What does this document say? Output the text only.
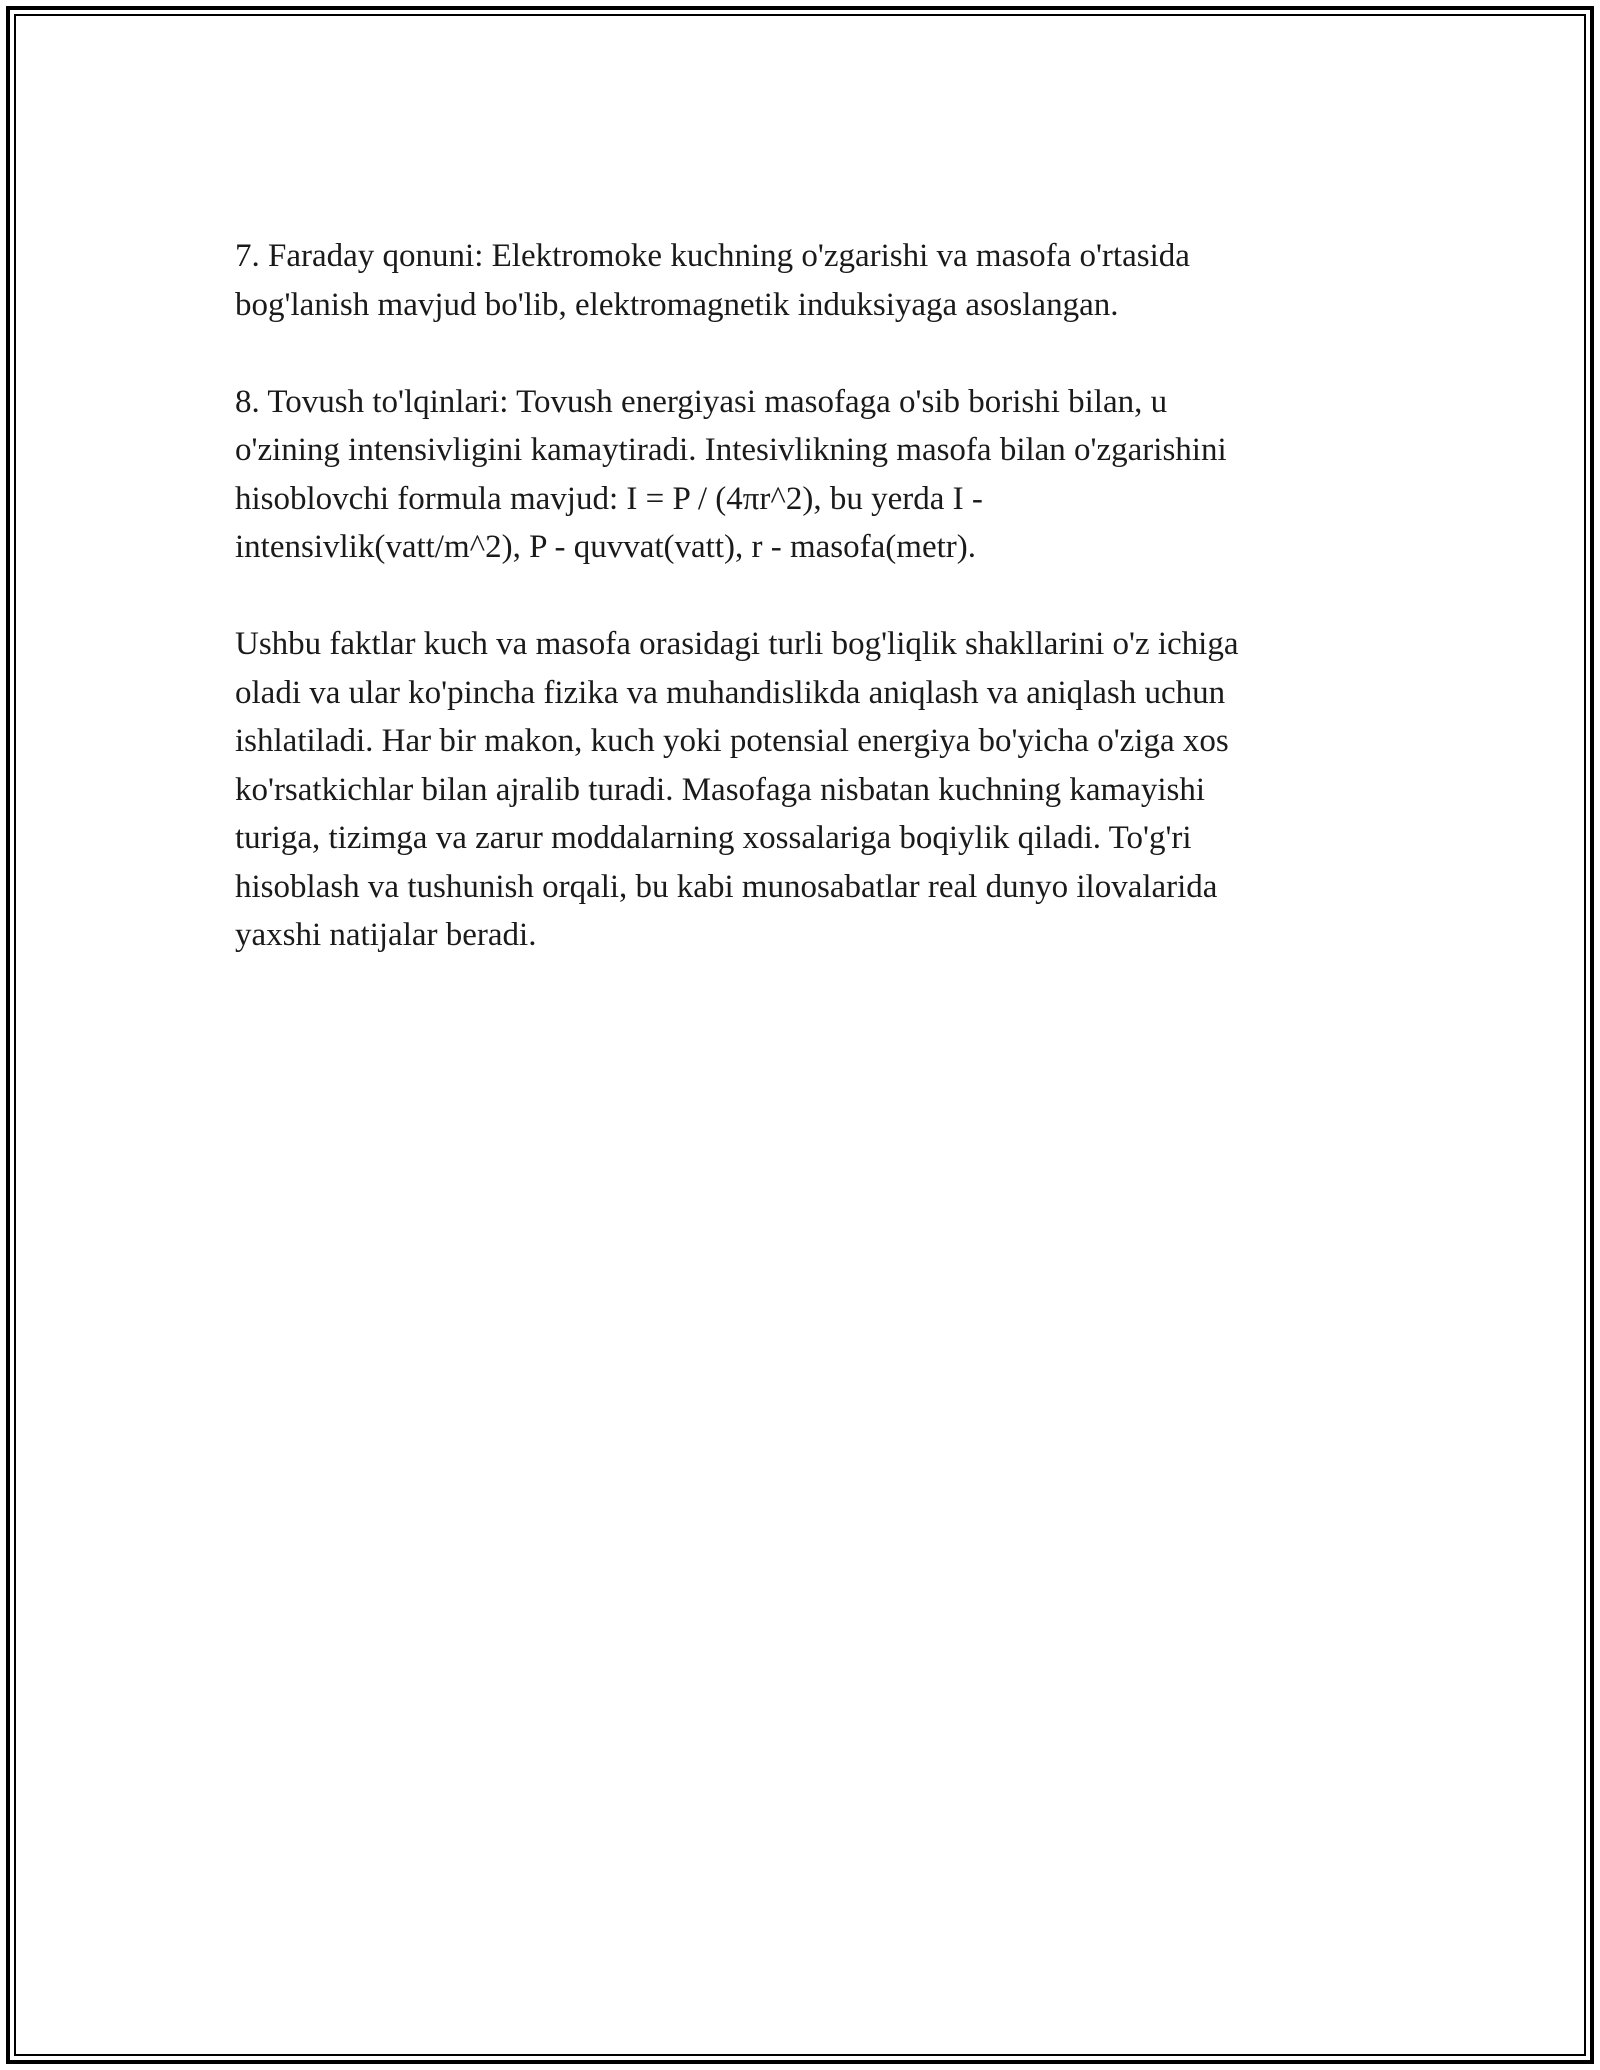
7. Faraday qonuni: Elektromoke kuchning o'zgarishi va masofa o'rtasida
bog'lanish mavjud bo'lib, elektromagnetik induksiyaga asoslangan.

8. Tovush to'lqinlari: Tovush energiyasi masofaga o'sib borishi bilan, u
o'zining intensivligini kamaytiradi. Intesivlikning masofa bilan o'zgarishini
hisoblovchi formula mavjud: I = P / (4πr^2), bu yerda I -
intensivlik(vatt/m^2), P - quvvat(vatt), r - masofa(metr).

Ushbu faktlar kuch va masofa orasidagi turli bog'liqlik shakllarini o'z ichiga
oladi va ular ko'pincha fizika va muhandislikda aniqlash va aniqlash uchun
ishlatiladi. Har bir makon, kuch yoki potensial energiya bo'yicha o'ziga xos
ko'rsatkichlar bilan ajralib turadi. Masofaga nisbatan kuchning kamayishi
turiga, tizimga va zarur moddalarning xossalariga boqiylik qiladi. To'g'ri
hisoblash va tushunish orqali, bu kabi munosabatlar real dunyo ilovalarida
yaxshi natijalar beradi.
